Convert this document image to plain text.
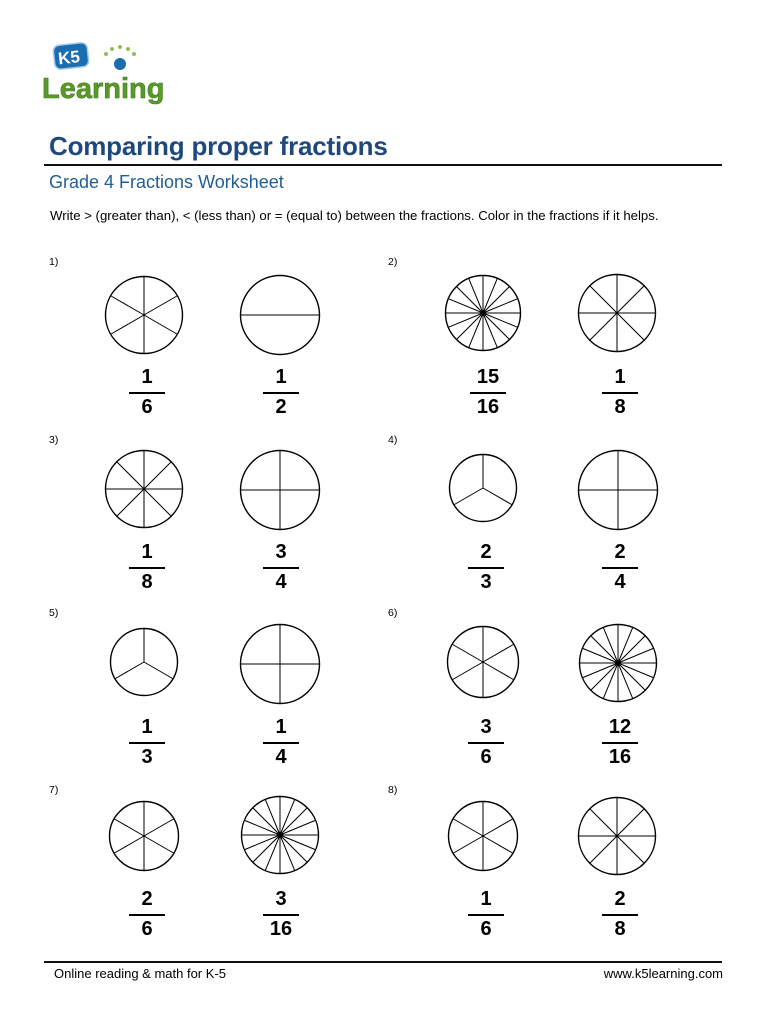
K5
Learning
Comparing proper fractions
Grade 4 Fractions Worksheet
Write > (greater than), < (less than) or = (equal to) between the fractions. Color in the fractions if it helps.
1)
1
6
1
2
2)
15
16
1
8
3)
1
8
3
4
4)
2
3
2
4
5)
1
3
1
4
6)
3
6
12
16
7)
2
6
3
16
8)
1
6
2
8
Online reading & math for K-5	www.k5learning.com
